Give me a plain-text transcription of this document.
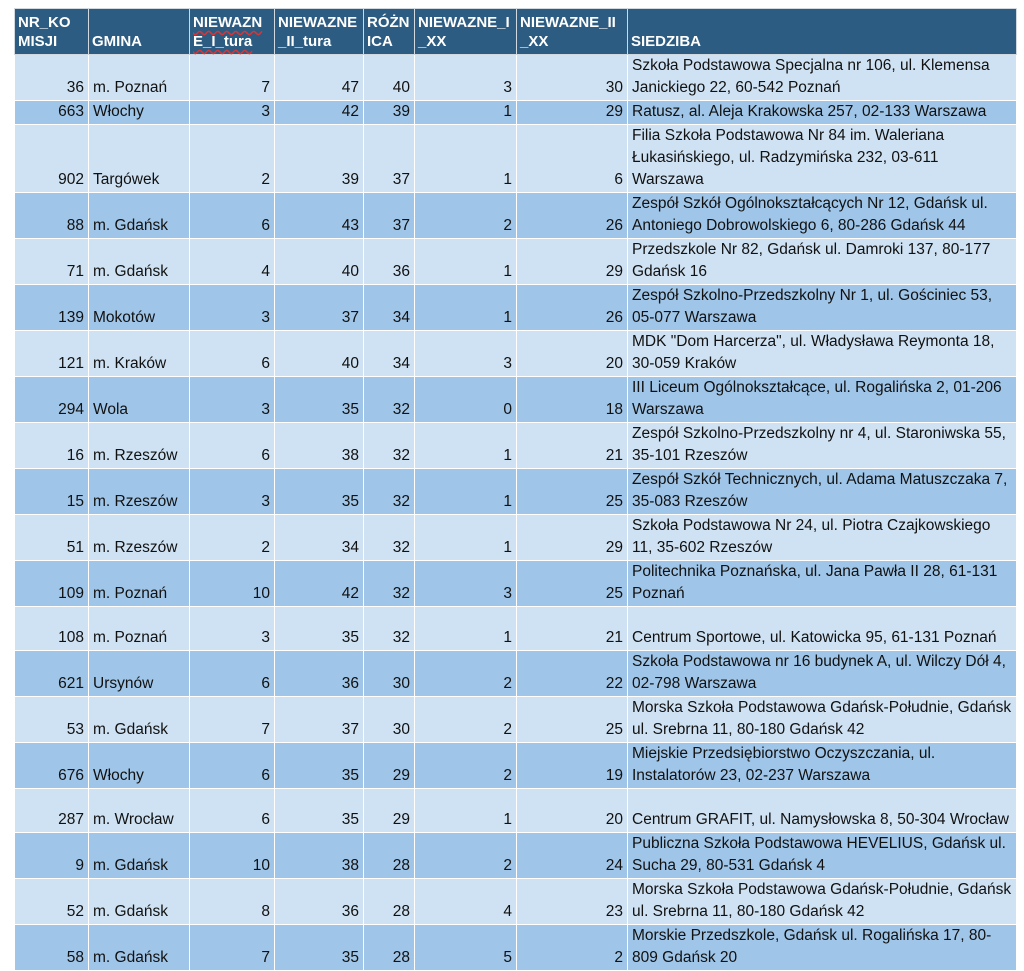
NR_KO MISJI	GMINA	NIEWAZNE_I_tura	NIEWAZNE_II_tura	RÓŻNICA	NIEWAZNE_I_XX	NIEWAZNE_II_XX	SIEDZIBA
36	m. Poznań	7	47	40	3	30	Szkoła Podstawowa Specjalna nr 106, ul. Klemensa Janickiego 22, 60-542 Poznań
663	Włochy	3	42	39	1	29	Ratusz, al. Aleja Krakowska 257, 02-133 Warszawa
902	Targówek	2	39	37	1	6	Filia Szkoła Podstawowa Nr 84 im. Waleriana Łukasińskiego, ul. Radzymińska 232, 03-611 Warszawa
88	m. Gdańsk	6	43	37	2	26	Zespół Szkół Ogólnokształcących Nr 12, Gdańsk ul. Antoniego Dobrowolskiego 6, 80-286 Gdańsk 44
71	m. Gdańsk	4	40	36	1	29	Przedszkole Nr 82, Gdańsk ul. Damroki 137, 80-177 Gdańsk 16
139	Mokotów	3	37	34	1	26	Zespół Szkolno-Przedszkolny Nr 1, ul. Gościniec 53, 05-077 Warszawa
121	m. Kraków	6	40	34	3	20	MDK "Dom Harcerza", ul. Władysława Reymonta 18, 30-059 Kraków
294	Wola	3	35	32	0	18	III Liceum Ogólnokształcące, ul. Rogalińska 2, 01-206 Warszawa
16	m. Rzeszów	6	38	32	1	21	Zespół Szkolno-Przedszkolny nr 4, ul. Staroniwska 55, 35-101 Rzeszów
15	m. Rzeszów	3	35	32	1	25	Zespół Szkół Technicznych, ul. Adama Matuszczaka 7, 35-083 Rzeszów
51	m. Rzeszów	2	34	32	1	29	Szkoła Podstawowa Nr 24, ul. Piotra Czajkowskiego 11, 35-602 Rzeszów
109	m. Poznań	10	42	32	3	25	Politechnika Poznańska, ul. Jana Pawła II 28, 61-131 Poznań
108	m. Poznań	3	35	32	1	21	Centrum Sportowe, ul. Katowicka 95, 61-131 Poznań
621	Ursynów	6	36	30	2	22	Szkoła Podstawowa nr 16 budynek A, ul. Wilczy Dół 4, 02-798 Warszawa
53	m. Gdańsk	7	37	30	2	25	Morska Szkoła Podstawowa Gdańsk-Południe, Gdańsk ul. Srebrna 11, 80-180 Gdańsk 42
676	Włochy	6	35	29	2	19	Miejskie Przedsiębiorstwo Oczyszczania, ul. Instalatorów 23, 02-237 Warszawa
287	m. Wrocław	6	35	29	1	20	Centrum GRAFIT, ul. Namysłowska 8, 50-304 Wrocław
9	m. Gdańsk	10	38	28	2	24	Publiczna Szkoła Podstawowa HEVELIUS, Gdańsk ul. Sucha 29, 80-531 Gdańsk 4
52	m. Gdańsk	8	36	28	4	23	Morska Szkoła Podstawowa Gdańsk-Południe, Gdańsk ul. Srebrna 11, 80-180 Gdańsk 42
58	m. Gdańsk	7	35	28	5	2	Morskie Przedszkole, Gdańsk ul. Rogalińska 17, 80-809 Gdańsk 20
